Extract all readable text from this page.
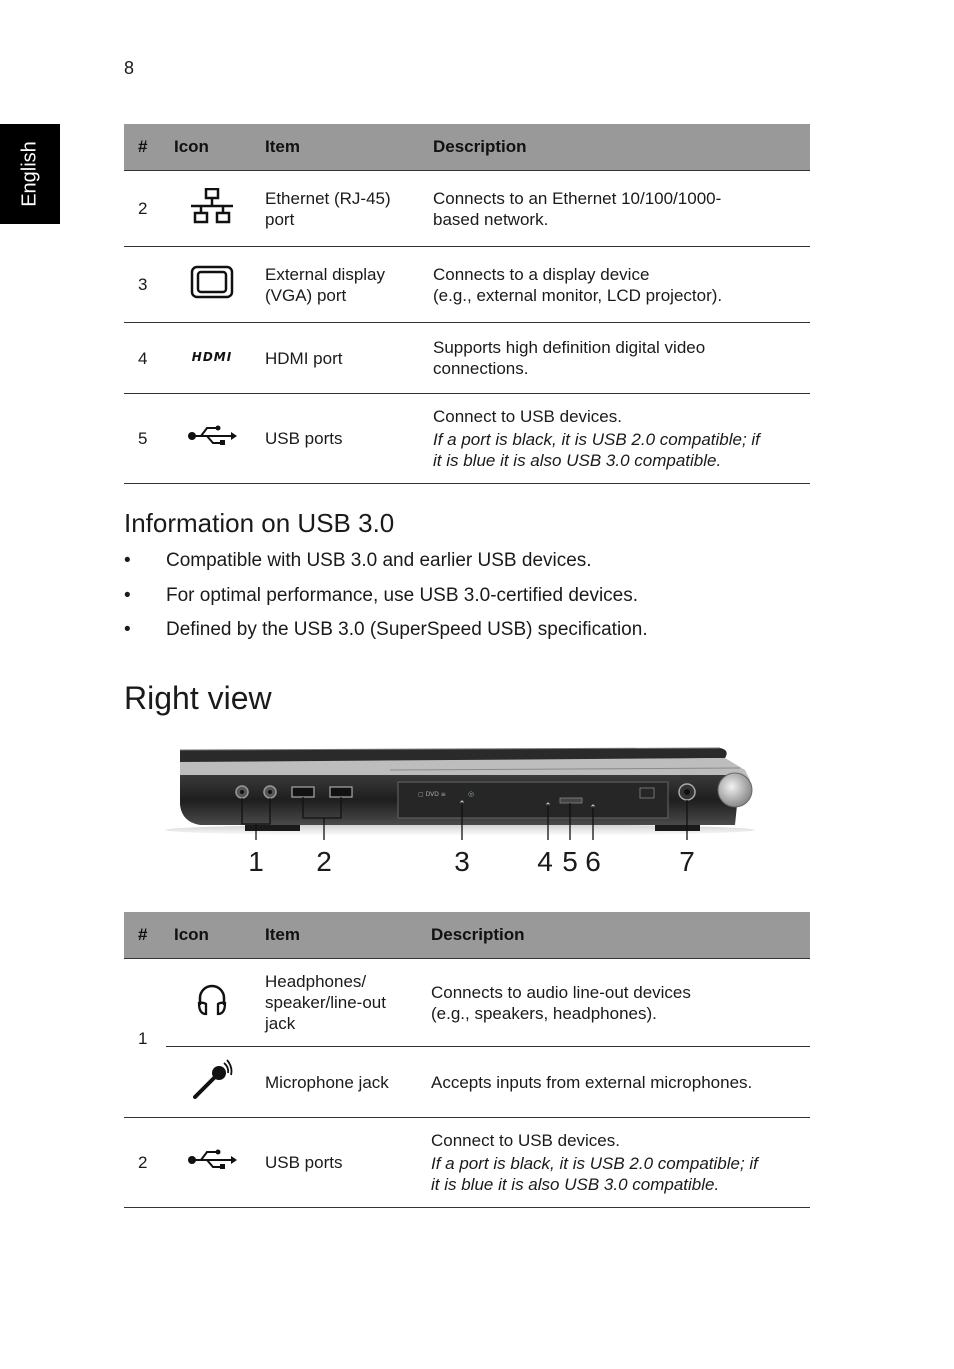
8
English	#	Icon	Item	Description
2		Ethernet (RJ-45)
port	Connects to an Ethernet 10/100/1000-
based network.
3		External display
(VGA) port	Connects to a display device
(e.g., external monitor, LCD projector).
4	HDMI	HDMI port	Supports high definition digital video
connections.
5		USB ports	Connect to USB devices.
If a port is black, it is USB 2.0 compatible; if
it is blue it is also USB 3.0 compatible.
Information on USB 3.0
• Compatible with USB 3.0 and earlier USB devices.
• For optimal performance, use USB 3.0-certified devices.
• Defined by the USB 3.0 (SuperSpeed USB) specification.
Right view
▢ DVD ≡	◎
1 2	3 4 5 6	7
#	Icon	Item	Description
1		Headphones/
speaker/line-out
jack	Connects to audio line-out devices
(e.g., speakers, headphones).
	Microphone jack	Accepts inputs from external microphones.
2		USB ports	Connect to USB devices.
If a port is black, it is USB 2.0 compatible; if
it is blue it is also USB 3.0 compatible.
